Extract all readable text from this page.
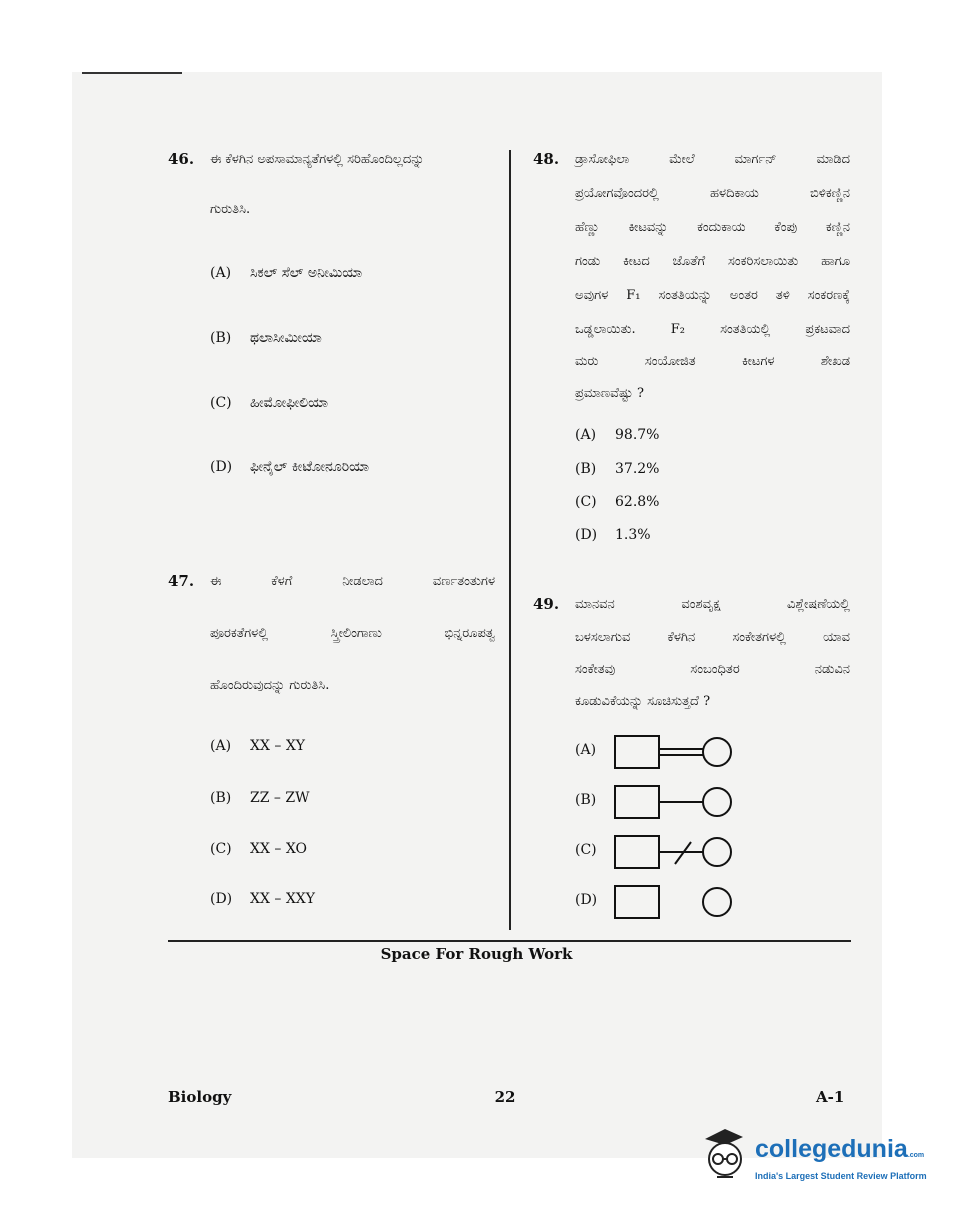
46. ಈ ಕೆಳಗಿನ ಅಪಸಾಮಾನ್ಯತೆಗಳಲ್ಲಿ ಸರಿಹೊಂದಿಲ್ಲದನ್ನು
ಗುರುತಿಸಿ.
(A) ಸಿಕಲ್ ಸೆಲ್ ಅನೀಮಿಯಾ
(B) ಥಲಾಸೀಮೀಯಾ
(C) ಹೀಮೋಫೀಲಿಯಾ
(D) ಫೀನೈಲ್ ಕೀಟೋನೂರಿಯಾ
47. ಈ ಕೆಳಗೆ ನೀಡಲಾದ ವರ್ಣತಂತುಗಳ
ಪೂರಕತೆಗಳಲ್ಲಿ ಸ್ತ್ರೀಲಿಂಗಾಣು ಭಿನ್ನರೂಪತ್ವ
ಹೊಂದಿರುವುದನ್ನು ಗುರುತಿಸಿ.
(A) XX – XY
(B) ZZ – ZW
(C) XX – XO
(D) XX – XXY
48. ಡ್ರಾಸೋಫಿಲಾ ಮೇಲೆ ಮಾರ್ಗನ್ ಮಾಡಿದ
ಪ್ರಯೋಗವೊಂದರಲ್ಲಿ ಹಳದಿಕಾಯ ಬಿಳಿಕಣ್ಣಿನ
ಹೆಣ್ಣು ಕೀಟವನ್ನು ಕಂದುಕಾಯ ಕೆಂಪು ಕಣ್ಣಿನ
ಗಂಡು ಕೀಟದ ಜೊತೆಗೆ ಸಂಕರಿಸಲಾಯಿತು ಹಾಗೂ
ಅವುಗಳ F₁ ಸಂತತಿಯನ್ನು ಅಂತರ ತಳಿ ಸಂಕರಣಕ್ಕೆ
ಒಡ್ಡಲಾಯಿತು. F₂ ಸಂತತಿಯಲ್ಲಿ ಪ್ರಕಟವಾದ
ಮರು ಸಂಯೋಜಿತ ಕೀಟಗಳ ಶೇಖಡ
ಪ್ರಮಾಣವೆಷ್ಟು ?
(A) 98.7%
(B) 37.2%
(C) 62.8%
(D) 1.3%
49. ಮಾನವನ ವಂಶವೃಕ್ಷ ವಿಶ್ಲೇಷಣೆಯಲ್ಲಿ
ಬಳಸಲಾಗುವ ಕೆಳಗಿನ ಸಂಕೇತಗಳಲ್ಲಿ ಯಾವ
ಸಂಕೇತವು ಸಂಬಂಧಿತರ ನಡುವಿನ
ಕೂಡುವಿಕೆಯನ್ನು ಸೂಚಿಸುತ್ತದೆ ?
(A)
(B)
(C)
(D)
Space For Rough Work
Biology	22	A-1
collegedunia.com
India's Largest Student Review Platform
